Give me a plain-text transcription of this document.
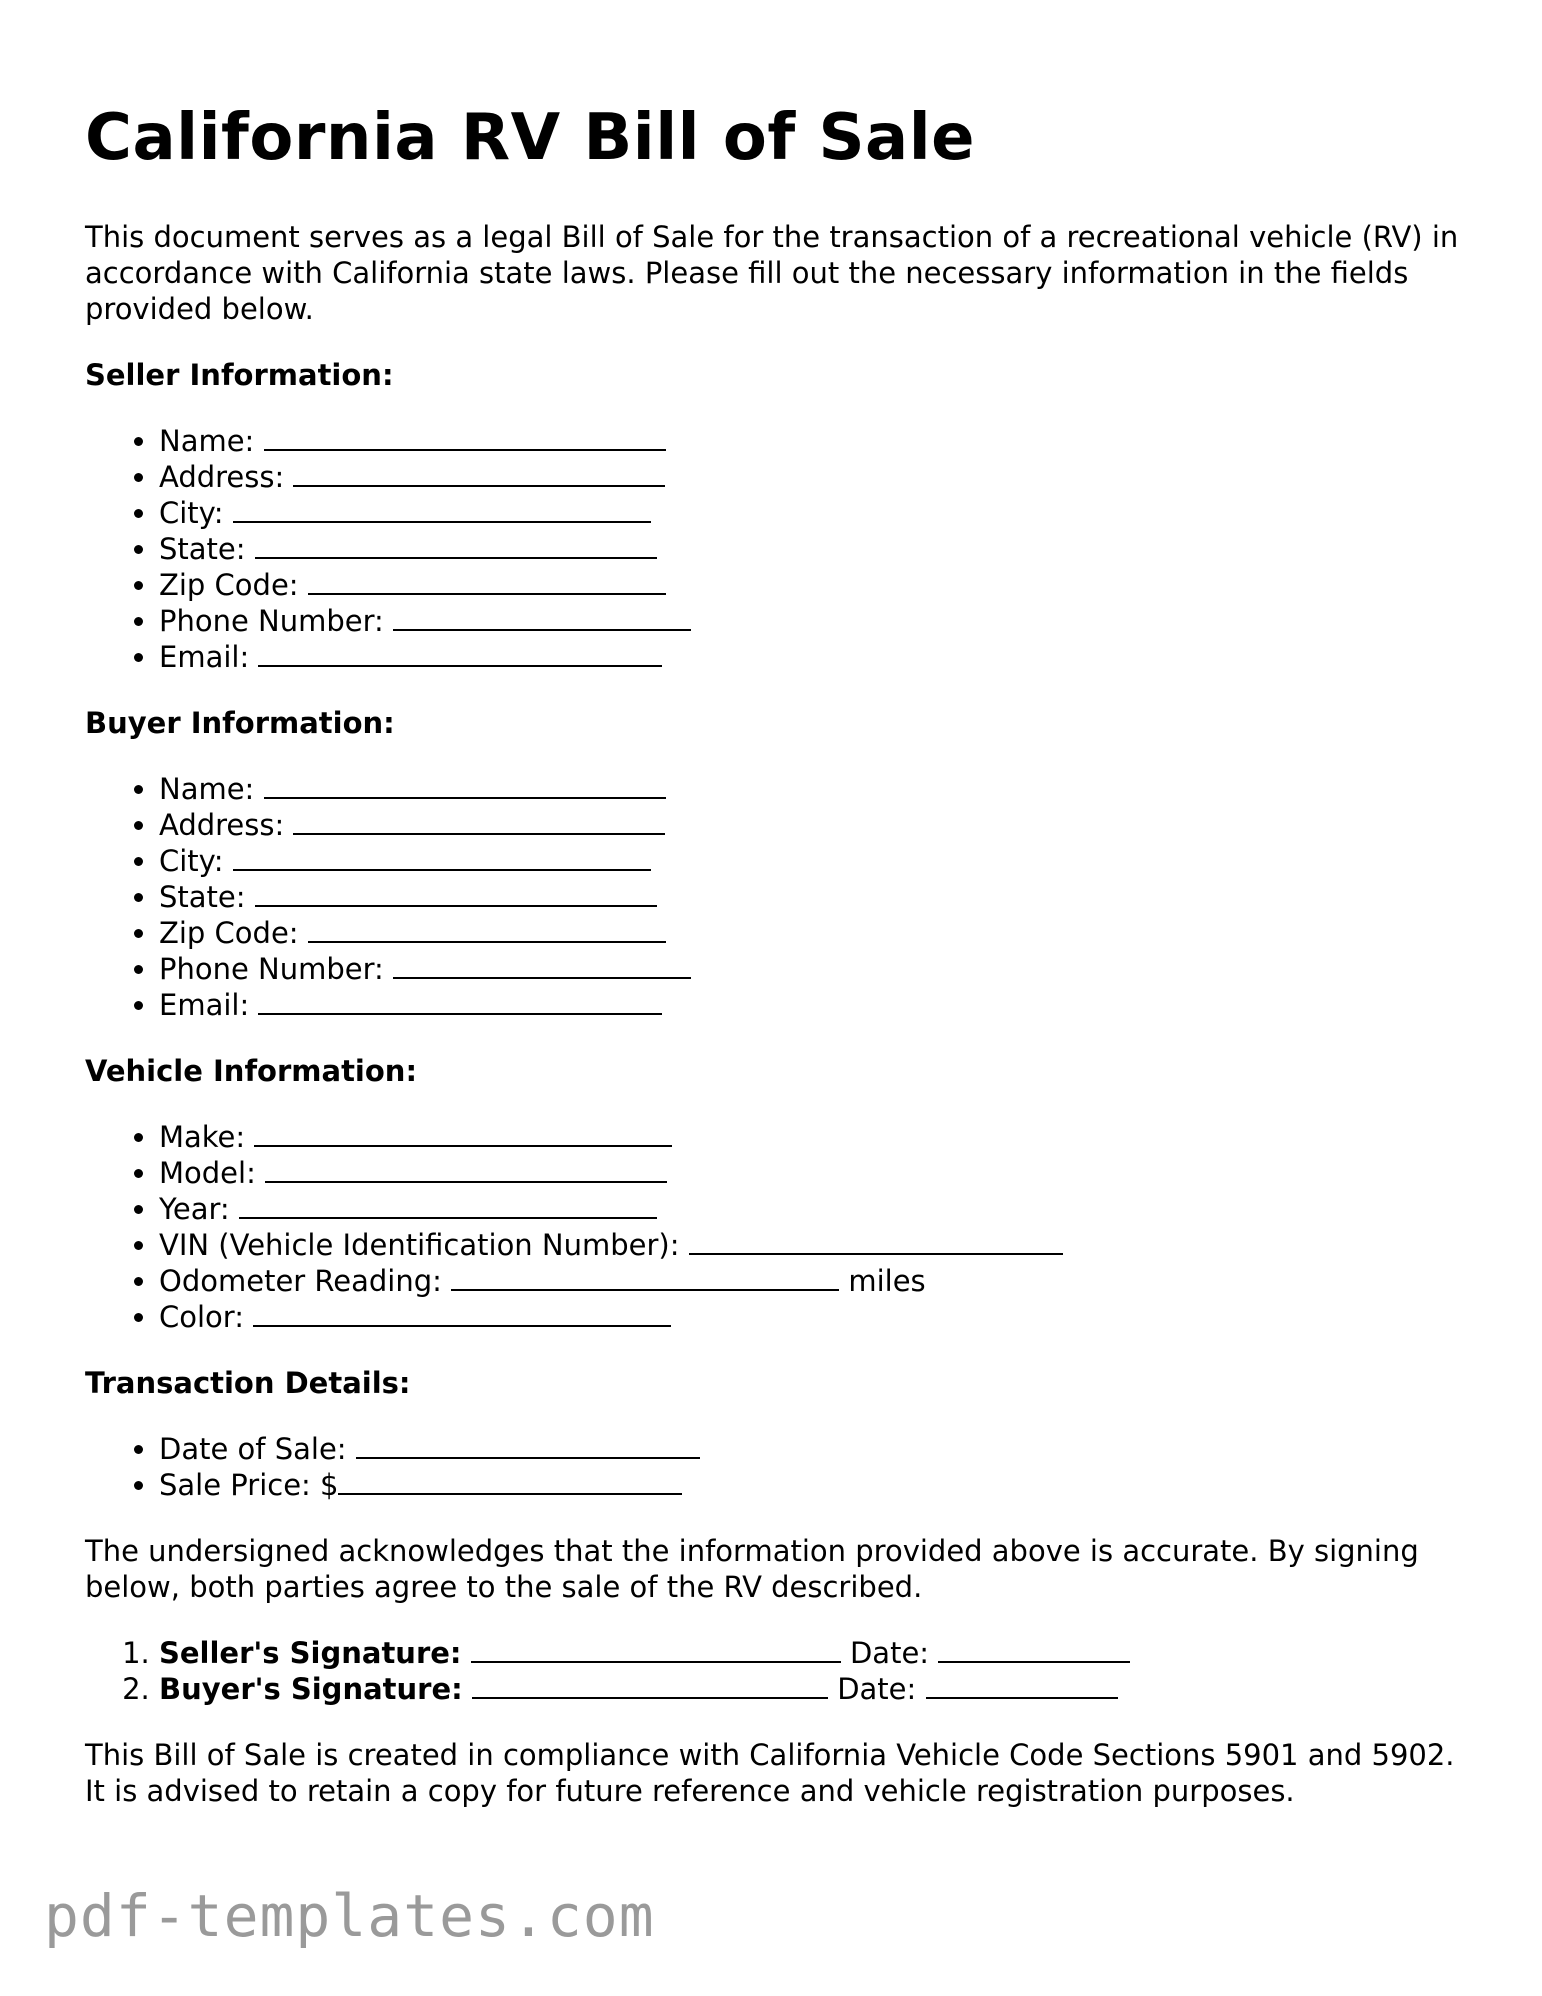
California RV Bill of Sale

This document serves as a legal Bill of Sale for the transaction of a recreational vehicle (RV) in accordance with California state laws. Please fill out the necessary information in the fields provided below.

Seller Information:
• Name:
• Address:
• City:
• State:
• Zip Code:
• Phone Number:
• Email:
Buyer Information:
• Name:
• Address:
• City:
• State:
• Zip Code:
• Phone Number:
• Email:
Vehicle Information:
• Make:
• Model:
• Year:
• VIN (Vehicle Identification Number):
• Odometer Reading:	miles
• Color:
Transaction Details:
• Date of Sale:
• Sale Price: $

The undersigned acknowledges that the information provided above is accurate. By signing below, both parties agree to the sale of the RV described.

1. Seller's Signature:	Date:
2. Buyer's Signature:	Date:

This Bill of Sale is created in compliance with California Vehicle Code Sections 5901 and 5902. It is advised to retain a copy for future reference and vehicle registration purposes.

pdf-templates.com
